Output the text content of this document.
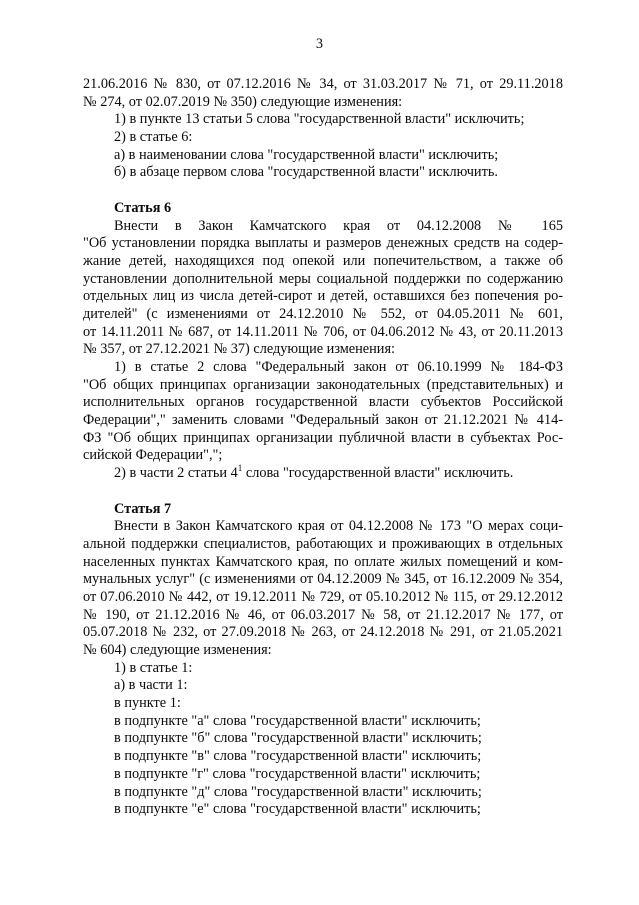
3
21.06.2016 № 830, от 07.12.2016 № 34, от 31.03.2017 № 71, от 29.11.2018
№ 274, от 02.07.2019 № 350) следующие изменения:
1) в пункте 13 статьи 5 слова "государственной власти" исключить;
2) в статье 6:
а) в наименовании слова "государственной власти" исключить;
б) в абзаце первом слова "государственной власти" исключить.
Статья 6
Внести в Закон Камчатского края от 04.12.2008 № 165
"Об установлении порядка выплаты и размеров денежных средств на содер-
жание детей, находящихся под опекой или попечительством, а также об
установлении дополнительной меры социальной поддержки по содержанию
отдельных лиц из числа детей-сирот и детей, оставшихся без попечения ро-
дителей" (с изменениями от 24.12.2010 № 552, от 04.05.2011 № 601,
от 14.11.2011 № 687, от 14.11.2011 № 706, от 04.06.2012 № 43, от 20.11.2013
№ 357, от 27.12.2021 № 37) следующие изменения:
1) в статье 2 слова "Федеральный закон от 06.10.1999 № 184-ФЗ
"Об общих принципах организации законодательных (представительных) и
исполнительных органов государственной власти субъектов Российской
Федерации"," заменить словами "Федеральный закон от 21.12.2021 № 414-
ФЗ "Об общих принципах организации публичной власти в субъектах Рос-
сийской Федерации",";
2) в части 2 статьи $4^1$ слова "государственной власти" исключить.
Статья 7
Внести в Закон Камчатского края от 04.12.2008 № 173 "О мерах соци-
альной поддержки специалистов, работающих и проживающих в отдельных
населенных пунктах Камчатского края, по оплате жилых помещений и ком-
мунальных услуг" (с изменениями от 04.12.2009 № 345, от 16.12.2009 № 354,
от 07.06.2010 № 442, от 19.12.2011 № 729, от 05.10.2012 № 115, от 29.12.2012
№ 190, от 21.12.2016 № 46, от 06.03.2017 № 58, от 21.12.2017 № 177, от
05.07.2018 № 232, от 27.09.2018 № 263, от 24.12.2018 № 291, от 21.05.2021
№ 604) следующие изменения:
1) в статье 1:
а) в части 1:
в пункте 1:
в подпункте "а" слова "государственной власти" исключить;
в подпункте "б" слова "государственной власти" исключить;
в подпункте "в" слова "государственной власти" исключить;
в подпункте "г" слова "государственной власти" исключить;
в подпункте "д" слова "государственной власти" исключить;
в подпункте "е" слова "государственной власти" исключить;
